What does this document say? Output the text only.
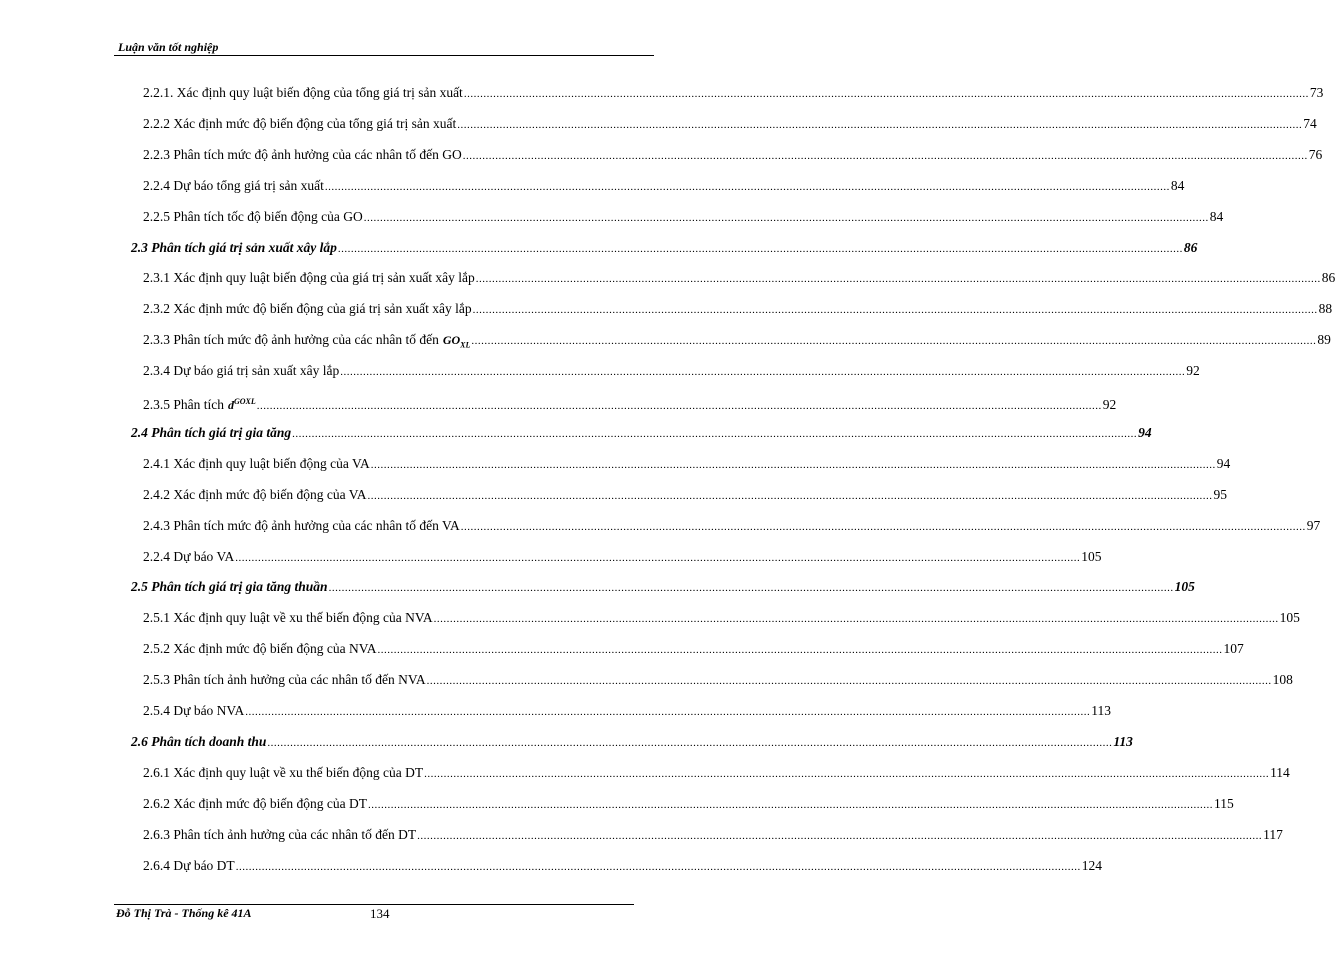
Luận văn tốt nghiệp
2.2.1. Xác định quy luật biến động của tổng giá trị sản xuất .................................................................................................................................................................................................................................................................... 73
2.2.2 Xác định mức độ biến động của tổng giá trị sản xuất .................................................................................................................................................................................................................................................................... 74
2.2.3 Phân tích mức độ ảnh hưởng của các nhân tố đến GO .................................................................................................................................................................................................................................................................... 76
2.2.4 Dự báo tổng giá trị sản xuất .................................................................................................................................................................................................................................................................... 84
2.2.5 Phân tích tốc độ biến động của GO .................................................................................................................................................................................................................................................................... 84
2.3 Phân tích giá trị sản xuất xây lắp .................................................................................................................................................................................................................................................................... 86
2.3.1 Xác định quy luật biến động của giá trị sản xuất xây lắp .................................................................................................................................................................................................................................................................... 86
2.3.2 Xác định mức độ biến động của giá trị sản xuất xây lắp .................................................................................................................................................................................................................................................................... 88
2.3.3 Phân tích mức độ ảnh hưởng của các nhân tố đến $GO_{XL}$ .................................................................................................................................................................................................................................................................... 89
2.3.4 Dự báo giá trị sản xuất xây lắp .................................................................................................................................................................................................................................................................... 92
2.3.5 Phân tích $d^{GOXL}$ .................................................................................................................................................................................................................................................................... 92
2.4 Phân tích giá trị gia tăng .................................................................................................................................................................................................................................................................... 94
2.4.1 Xác định quy luật biến động của VA .................................................................................................................................................................................................................................................................... 94
2.4.2 Xác định mức độ biến động của VA .................................................................................................................................................................................................................................................................... 95
2.4.3 Phân tích mức độ ảnh hưởng của các nhân tố đến VA .................................................................................................................................................................................................................................................................... 97
2.2.4 Dự báo VA .................................................................................................................................................................................................................................................................... 105
2.5 Phân tích giá trị gia tăng thuần .................................................................................................................................................................................................................................................................... 105
2.5.1 Xác định quy luật về xu thế biến động của NVA .................................................................................................................................................................................................................................................................... 105
2.5.2 Xác định mức độ biến động của NVA .................................................................................................................................................................................................................................................................... 107
2.5.3 Phân tích ảnh hưởng của các nhân tố đến NVA .................................................................................................................................................................................................................................................................... 108
2.5.4 Dự báo NVA .................................................................................................................................................................................................................................................................... 113
2.6 Phân tích doanh thu .................................................................................................................................................................................................................................................................... 113
2.6.1 Xác định quy luật về xu thế biến động của DT .................................................................................................................................................................................................................................................................... 114
2.6.2 Xác định mức độ biến động của DT .................................................................................................................................................................................................................................................................... 115
2.6.3 Phân tích ảnh hưởng của các nhân tố đến DT .................................................................................................................................................................................................................................................................... 117
2.6.4 Dự báo DT .................................................................................................................................................................................................................................................................... 124
Đỗ Thị Trà - Thống kê 41A	134
